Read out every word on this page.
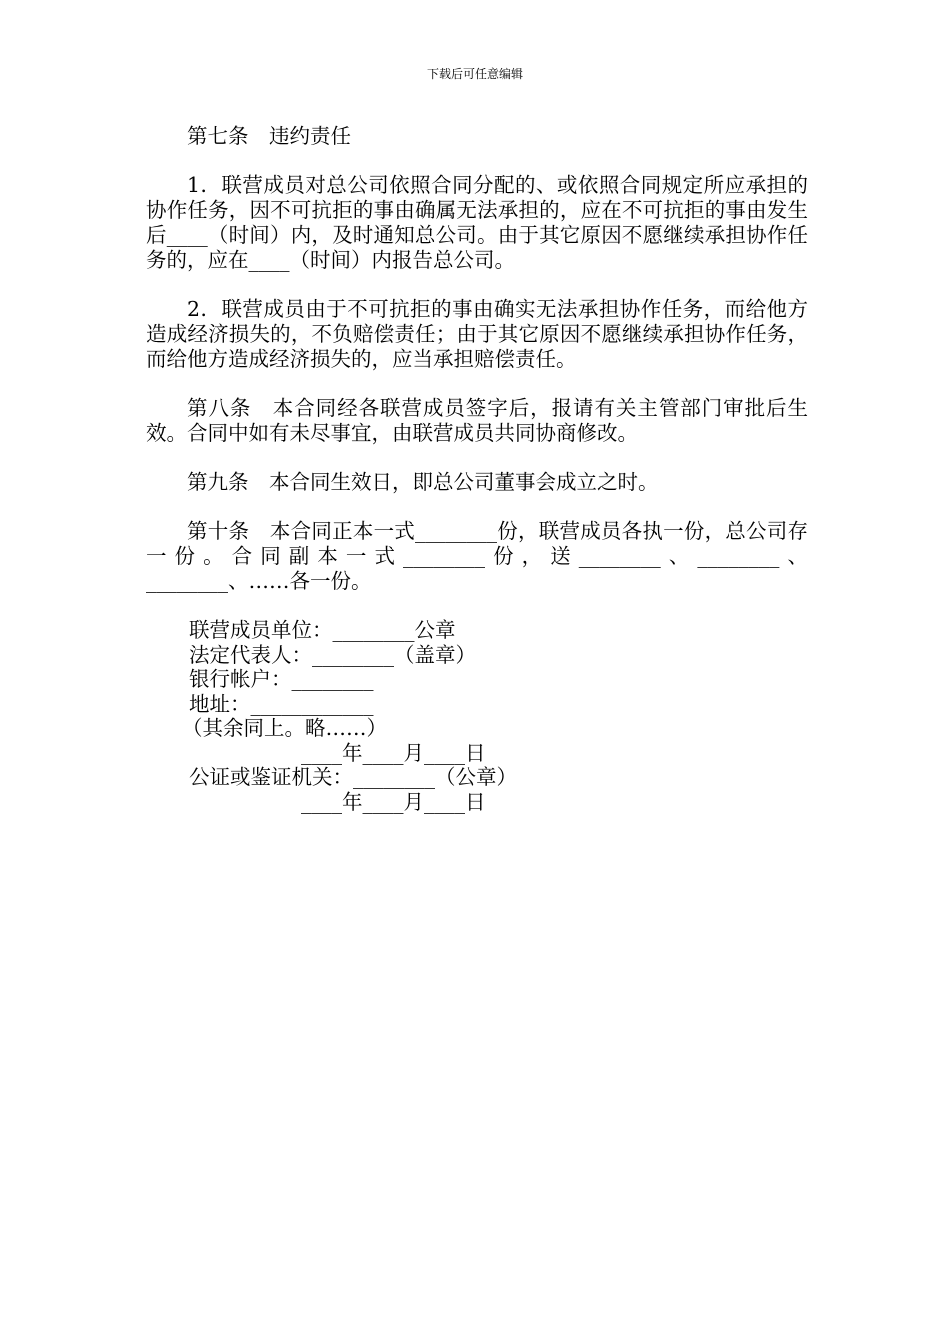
下载后可任意编辑

第七条　违约责任

1．联营成员对总公司依照合同分配的、或依照合同规定所应承担的协作任务，因不可抗拒的事由确属无法承担的，应在不可抗拒的事由发生后____（时间）内，及时通知总公司。由于其它原因不愿继续承担协作任务的，应在____（时间）内报告总公司。

2．联营成员由于不可抗拒的事由确实无法承担协作任务，而给他方造成经济损失的，不负赔偿责任；由于其它原因不愿继续承担协作任务，而给他方造成经济损失的，应当承担赔偿责任。

第八条　本合同经各联营成员签字后，报请有关主管部门审批后生效。合同中如有未尽事宜，由联营成员共同协商修改。

第九条　本合同生效日，即总公司董事会成立之时。

第十条　本合同正本一式________份，联营成员各执一份，总公司存一份。合同副本一式________份，送________、________、________、……各一份。

联营成员单位：________公章

法定代表人：________（盖章）

银行帐户：________

地址：____________

（其余同上。略……）

____年____月____日

公证或鉴证机关：________（公章）

____年____月____日
